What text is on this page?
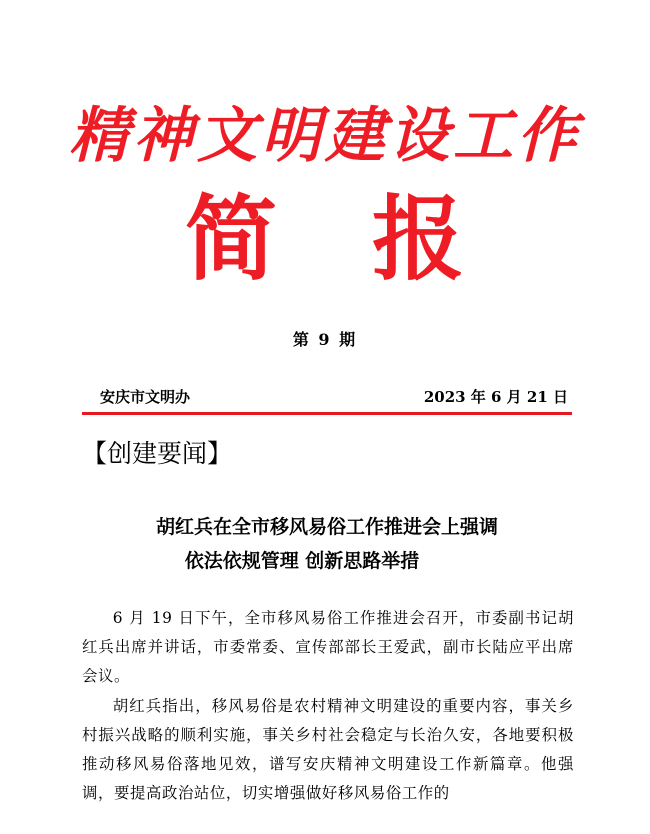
精神文明建设工作
简 报
第 9 期
安庆市文明办	2023 年 6 月 21 日
【创建要闻】
胡红兵在全市移风易俗工作推进会上强调
依法依规管理 创新思路举措

6 月 19 日下午，全市移风易俗工作推进会召开，市委副书记胡红兵出席并讲话，市委常委、宣传部部长王爱武，副市长陆应平出席会议。

胡红兵指出，移风易俗是农村精神文明建设的重要内容，事关乡村振兴战略的顺利实施，事关乡村社会稳定与长治久安，各地要积极推动移风易俗落地见效，谱写安庆精神文明建设工作新篇章。他强调，要提高政治站位，切实增强做好移风易俗工作的
